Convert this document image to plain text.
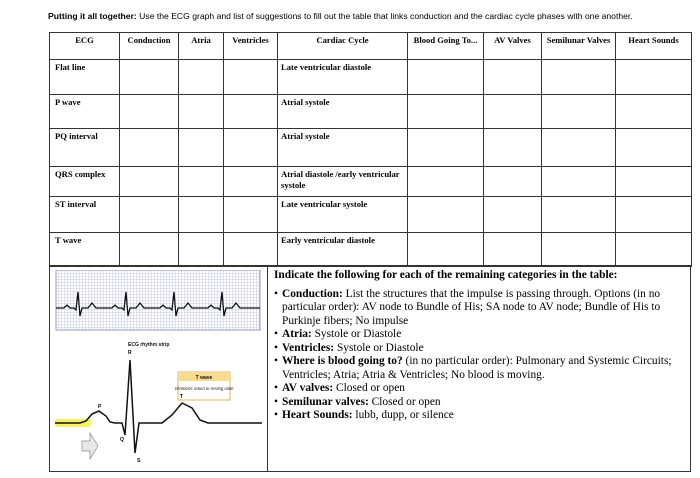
Putting it all together: Use the ECG graph and list of suggestions to fill out the table that links conduction and the cardiac cycle phases with one another.
ECG	Conduction	Atria	Ventricles	Cardiac Cycle	Blood Going To...	AV Valves	Semilunar Valves	Heart Sounds
Flat line				Late ventricular diastole				
P wave				Atrial systole				
PQ interval				Atrial systole				
QRS complex				Atrial diastole /early ventricular systole				
ST interval				Late ventricular systole				
T wave				Early ventricular diastole				
ECG rhythm strip
T wave
Ventricles return to resting state
R
P
T
Q
S
Indicate the following for each of the remaining categories in the table:
• Conduction: List the structures that the impulse is passing through. Options (in no particular order): AV node to Bundle of His; SA node to AV node; Bundle of His to Purkinje fibers; No impulse
• Atria: Systole or Diastole
• Ventricles: Systole or Diastole
• Where is blood going to? (in no particular order): Pulmonary and Systemic Circuits; Ventricles; Atria; Atria & Ventricles; No blood is moving.
• AV valves: Closed or open
• Semilunar valves: Closed or open
• Heart Sounds: lubb, dupp, or silence
